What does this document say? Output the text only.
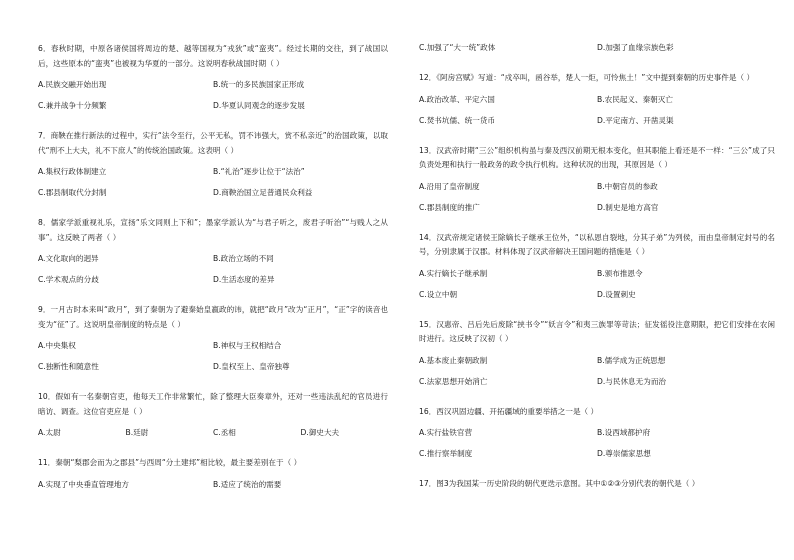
6．春秋时期，中原各诸侯国将周边的楚、越等国视为“戎狄”或“蛮夷”。经过长期的交往，到了战国以后，这些原本的“蛮夷”也被视为华夏的一部分。这说明春秋战国时期（ ）

A.民族交融开始出现	B.统一的多民族国家正形成
C.兼并战争十分频繁	D.华夏认同观念的逐步发展

7．商鞅在推行新法的过程中，实行“法令至行，公平无私，罚不讳强大，赏不私亲近”的治国政策，以取代“刑不上大夫，礼不下庶人”的传统治国政策。这表明（ ）

A.集权行政体制建立	B.“礼治”逐步让位于“法治”
C.郡县制取代分封制	D.商鞅治国立足普通民众利益

8．儒家学派重视礼乐，宣扬“乐文同则上下和”；墨家学派认为“与君子听之，废君子听治”“与贱人之从事”。这反映了两者（ ）

A.文化取向的迥异	B.政治立场的不同
C.学术观点的分歧	D.生活态度的差异

9．一月古时本来叫“政月”，到了秦朝为了避秦始皇嬴政的讳，就把“政月”改为“正月”，“正”字的读音也变为“征”了。这说明皇帝制度的特点是（ ）

A.中央集权	B.神权与王权相结合
C.独断性和随意性	D.皇权至上、皇帝独尊

10．假如有一名秦朝官吏，他每天工作非常繁忙，除了整理大臣奏章外，还对一些违法乱纪的官员进行暗访、调查。这位官吏应是（ ）

A.太尉	B.廷尉	C.丞相	D.御史大夫

11．秦朝“梨郡会而为之郡县”与西周“分土建邦”相比较，最主要差别在于（ ）

A.实现了中央垂直管理地方	B.适应了统治的需要
C.加强了“大一统”政体	D.加强了血缘宗族色彩

12．《阿房宫赋》写道：“戍卒叫，函谷举，楚人一炬，可怜焦土！”文中提到秦朝的历史事件是（ ）

A.政治改革、平定六国	B.农民起义、秦朝灭亡
C.焚书坑儒、统一货币	D.平定南方、开凿灵渠

13．汉武帝时期“三公”组织机构虽与秦及西汉前期无根本变化，但其职能上看还是不一样：“三公”成了只负责处理和执行一般政务的政令执行机构。这种状况的出现，其原因是（ ）

A.沿用了皇帝制度	B.中朝官员的参政
C.郡县制度的推广	D.制史是地方高官

14．汉武帝规定诸侯王除嫡长子继承王位外，“以私恩自裂地，分其子弟”为列侯，而由皇帝制定封号的名号，分别隶属于汉郡。材料体现了汉武帝解决王国问题的措施是（ ）

A.实行嫡长子继承制	B.颁布推恩令
C.设立中朝	D.设置刺史

15．汉惠帝、吕后先后废除“挟书令”“妖言令”和夷三族罪等苛法；征发徭役注意期限，把它们安排在农闲时进行。这反映了汉初（ ）

A.基本废止秦朝政制	B.儒学成为正统思想
C.法家思想开始消亡	D.与民休息无为而治

16．西汉巩固边疆、开拓疆域的重要举措之一是（ ）

A.实行盐铁官营	B.设西域都护府
C.推行察举制度	D.尊崇儒家思想

17．图3为我国某一历史阶段的朝代更迭示意图。其中①②③分别代表的朝代是（ ）
